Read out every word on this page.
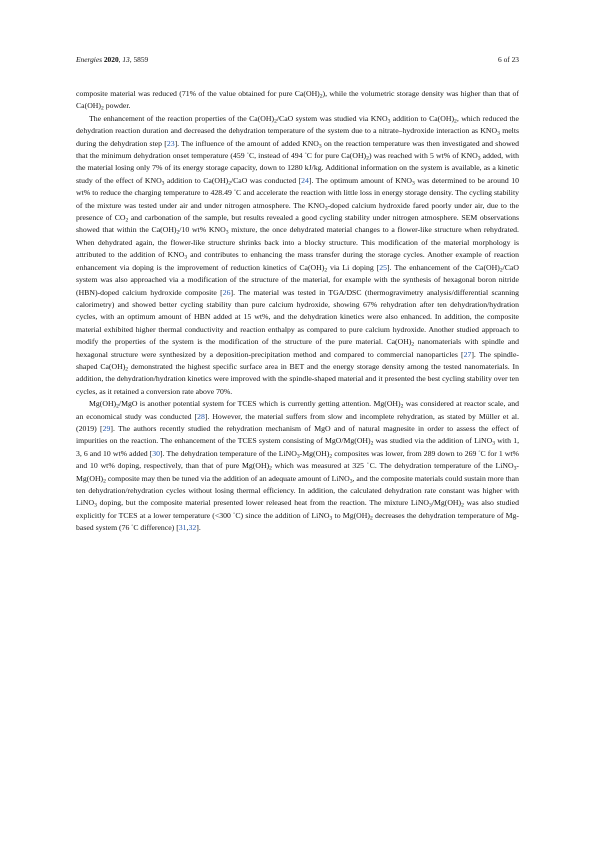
Energies 2020, 13, 5859	6 of 23

composite material was reduced (71% of the value obtained for pure $Ca(OH)_2$), while the volumetric storage density was higher than that of $Ca(OH)_2$ powder.

The enhancement of the reaction properties of the $Ca(OH)_2$/CaO system was studied via $KNO_3$ addition to $Ca(OH)_2$, which reduced the dehydration reaction duration and decreased the dehydration temperature of the system due to a nitrate–hydroxide interaction as $KNO_3$ melts during the dehydration step [23]. The influence of the amount of added $KNO_3$ on the reaction temperature was then investigated and showed that the minimum dehydration onset temperature (459 ◦C, instead of 494 ◦C for pure $Ca(OH)_2$) was reached with 5 wt% of $KNO_3$ added, with the material losing only 7% of its energy storage capacity, down to 1280 kJ/kg. Additional information on the system is available, as a kinetic study of the effect of $KNO_3$ addition to $Ca(OH)_2$/CaO was conducted [24]. The optimum amount of $KNO_3$ was determined to be around 10 wt% to reduce the charging temperature to 428.49 ◦C and accelerate the reaction with little loss in energy storage density. The cycling stability of the mixture was tested under air and under nitrogen atmosphere. The $KNO_3$-doped calcium hydroxide fared poorly under air, due to the presence of $CO_2$ and carbonation of the sample, but results revealed a good cycling stability under nitrogen atmosphere. SEM observations showed that within the $Ca(OH)_2/10$ wt% $KNO_3$ mixture, the once dehydrated material changes to a flower-like structure when rehydrated. When dehydrated again, the flower-like structure shrinks back into a blocky structure. This modification of the material morphology is attributed to the addition of $KNO_3$ and contributes to enhancing the mass transfer during the storage cycles. Another example of reaction enhancement via doping is the improvement of reduction kinetics of $Ca(OH)_2$ via Li doping [25]. The enhancement of the $Ca(OH)_2$/CaO system was also approached via a modification of the structure of the material, for example with the synthesis of hexagonal boron nitride (HBN)-doped calcium hydroxide composite [26]. The material was tested in TGA/DSC (thermogravimetry analysis/differential scanning calorimetry) and showed better cycling stability than pure calcium hydroxide, showing 67% rehydration after ten dehydration/hydration cycles, with an optimum amount of HBN added at 15 wt%, and the dehydration kinetics were also enhanced. In addition, the composite material exhibited higher thermal conductivity and reaction enthalpy as compared to pure calcium hydroxide. Another studied approach to modify the properties of the system is the modification of the structure of the pure material. $Ca(OH)_2$ nanomaterials with spindle and hexagonal structure were synthesized by a deposition-precipitation method and compared to commercial nanoparticles [27]. The spindle-shaped $Ca(OH)_2$ demonstrated the highest specific surface area in BET and the energy storage density among the tested nanomaterials. In addition, the dehydration/hydration kinetics were improved with the spindle-shaped material and it presented the best cycling stability over ten cycles, as it retained a conversion rate above 70%.

$Mg(OH)_2$/MgO is another potential system for TCES which is currently getting attention. $Mg(OH)_2$ was considered at reactor scale, and an economical study was conducted [28]. However, the material suffers from slow and incomplete rehydration, as stated by Müller et al. (2019) [29]. The authors recently studied the rehydration mechanism of MgO and of natural magnesite in order to assess the effect of impurities on the reaction. The enhancement of the TCES system consisting of MgO/$Mg(OH)_2$ was studied via the addition of LiNO$_3$ with 1, 3, 6 and 10 wt% added [30]. The dehydration temperature of the $LiNO_3-Mg(OH)_2$ composites was lower, from 289 down to 269 ◦C for 1 wt% and 10 wt% doping, respectively, than that of pure $Mg(OH)_2$ which was measured at 325 ◦C. The dehydration temperature of the $LiNO_3-Mg(OH)_2$ composite may then be tuned via the addition of an adequate amount of LiNO$_3$, and the composite materials could sustain more than ten dehydration/rehydration cycles without losing thermal efficiency. In addition, the calculated dehydration rate constant was higher with LiNO$_3$ doping, but the composite material presented lower released heat from the reaction. The mixture $LiNO_3/Mg(OH)_2$ was also studied explicitly for TCES at a lower temperature (<300 ◦C) since the addition of LiNO$_3$ to $Mg(OH)_2$ decreases the dehydration temperature of Mg-based system (76 ◦C difference) [31,32].
